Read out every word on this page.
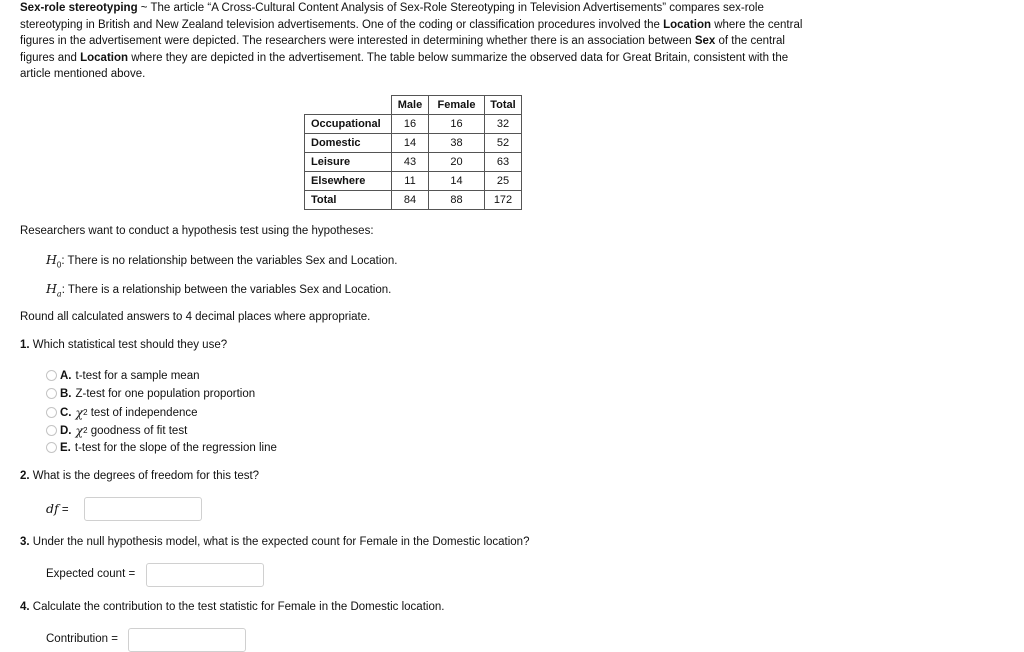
Sex-role stereotyping ~ The article “A Cross-Cultural Content Analysis of Sex-Role Stereotyping in Television Advertisements” compares sex-role stereotyping in British and New Zealand television advertisements. One of the coding or classification procedures involved the Location where the central figures in the advertisement were depicted. The researchers were interested in determining whether there is an association between Sex of the central figures and Location where they are depicted in the advertisement. The table below summarize the observed data for Great Britain, consistent with the article mentioned above.
	Male	Female	Total
Occupational	16	16	32
Domestic	14	38	52
Leisure	43	20	63
Elsewhere	11	14	25
Total	84	88	172
Researchers want to conduct a hypothesis test using the hypotheses:
$H_0$: There is no relationship between the variables Sex and Location.
$H_a$: There is a relationship between the variables Sex and Location.
Round all calculated answers to 4 decimal places where appropriate.
1. Which statistical test should they use?
A. t-test for a sample mean
B. Z-test for one population proportion
C. χ 2 test of independence
D. χ 2 goodness of fit test
E. t-test for the slope of the regression line
2. What is the degrees of freedom for this test?
df =
3. Under the null hypothesis model, what is the expected count for Female in the Domestic location?
Expected count =
4. Calculate the contribution to the test statistic for Female in the Domestic location.
Contribution =
